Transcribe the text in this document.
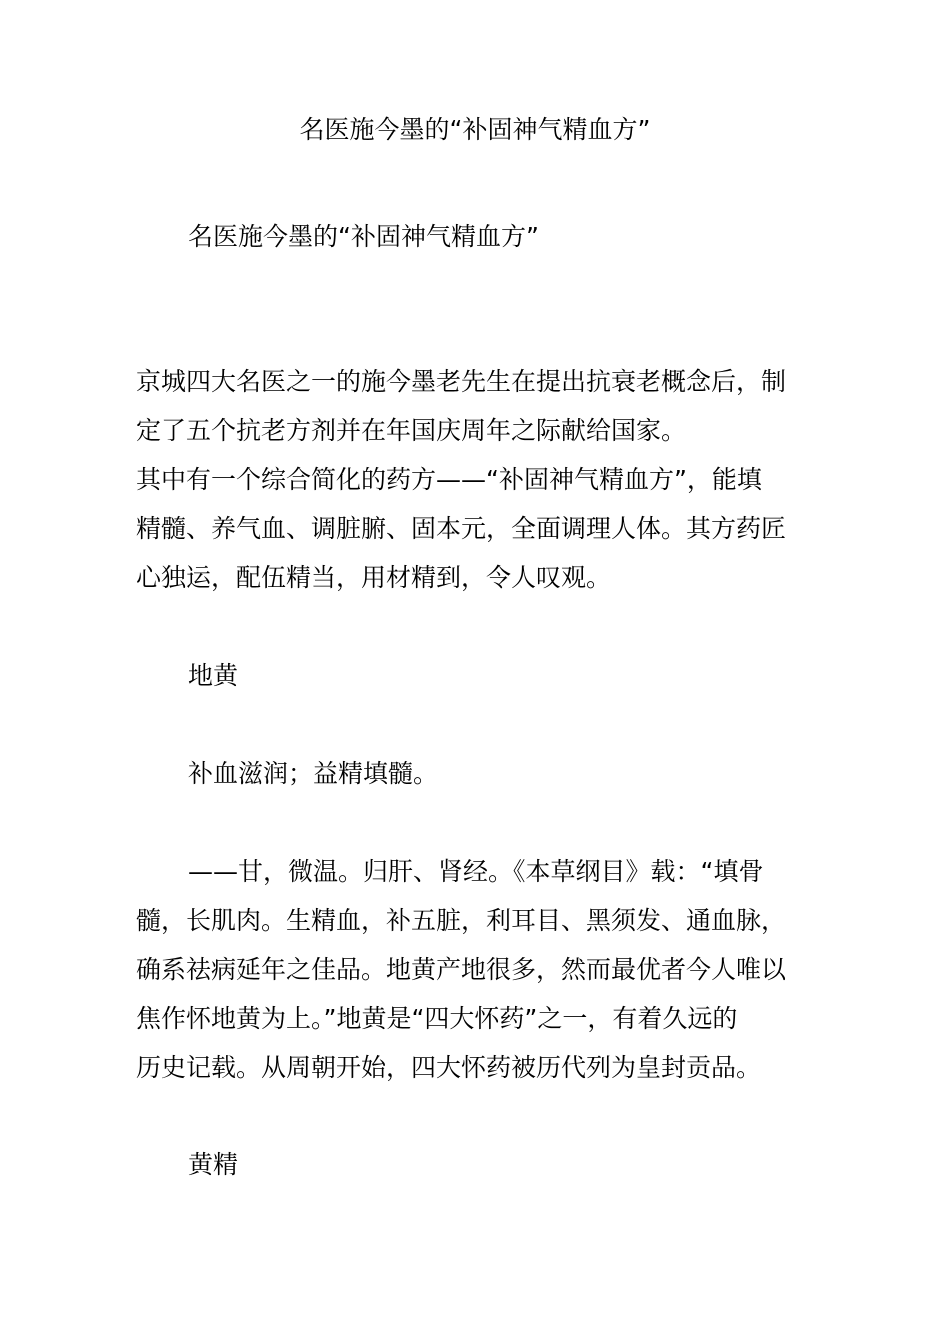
名医施今墨的“补固神气精血方”
名医施今墨的“补固神气精血方”
京城四大名医之一的施今墨老先生在提出抗衰老概念后，制
定了五个抗老方剂并在年国庆周年之际献给国家。
其中有一个综合简化的药方——“补固神气精血方”，能填
精髓、养气血、调脏腑、固本元，全面调理人体。其方药匠
心独运，配伍精当，用材精到，令人叹观。
地黄
补血滋润；益精填髓。
——甘，微温。归肝、肾经。《本草纲目》载：“填骨
髓，长肌肉。生精血，补五脏，利耳目、黑须发、通血脉，
确系祛病延年之佳品。地黄产地很多，然而最优者今人唯以
焦作怀地黄为上。”地黄是“四大怀药”之一，有着久远的
历史记载。从周朝开始，四大怀药被历代列为皇封贡品。
黄精
